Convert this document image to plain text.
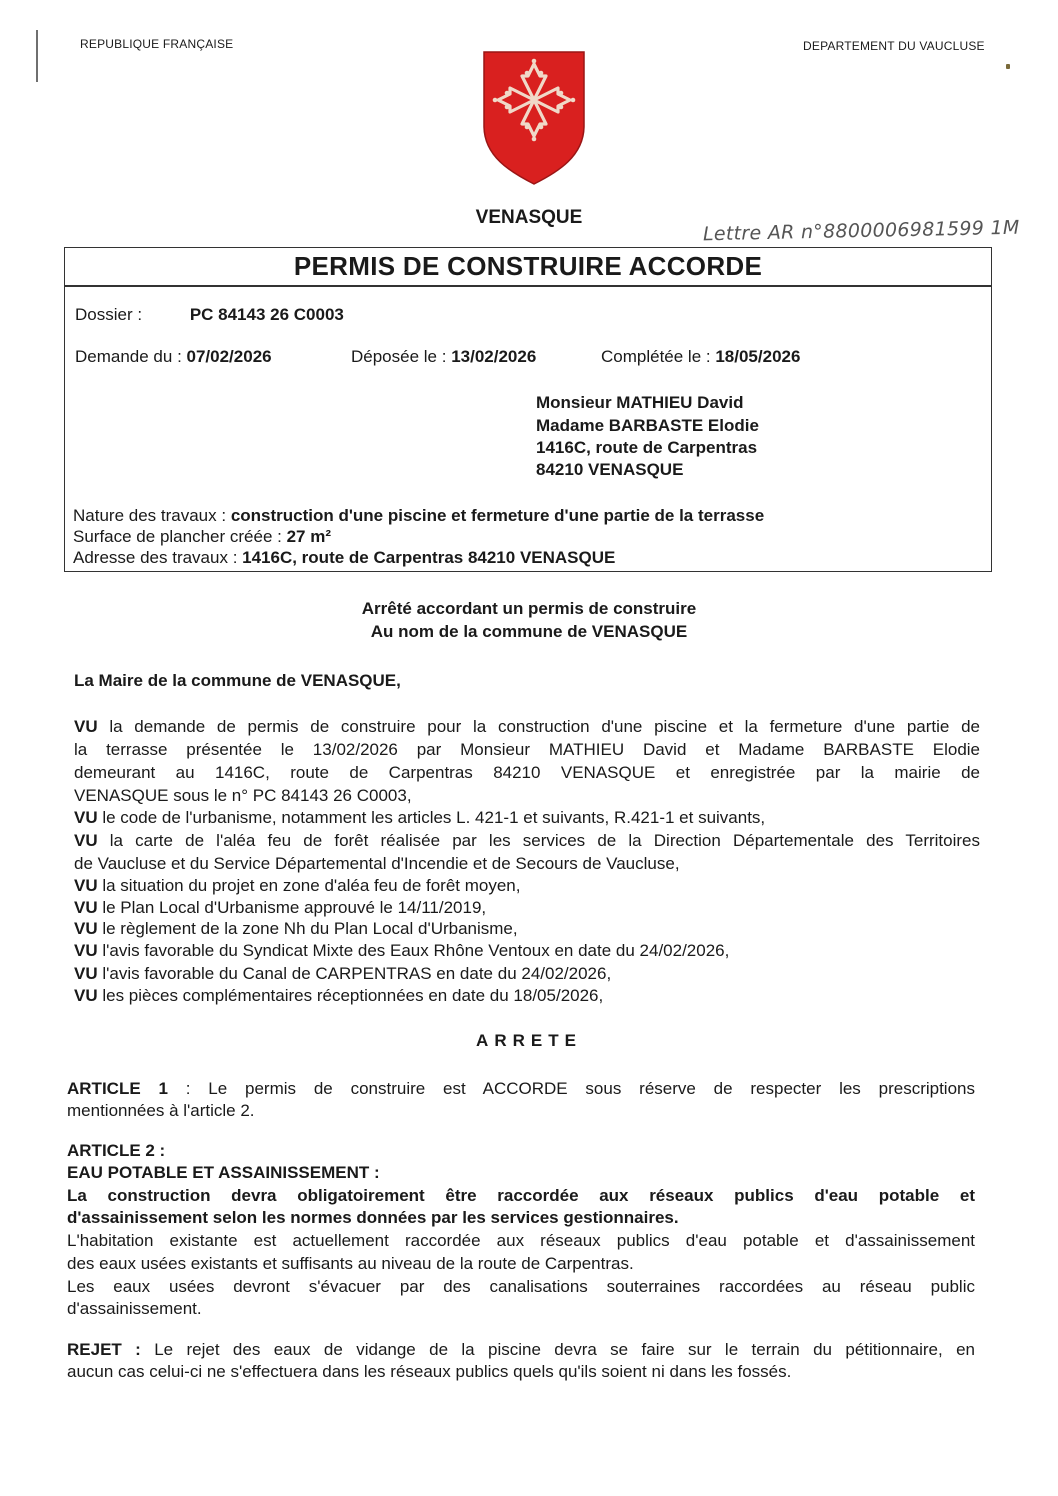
REPUBLIQUE FRANÇAISE	DEPARTEMENT DU VAUCLUSE
VENASQUE	Lettre AR n°8800006981599 1M
PERMIS DE CONSTRUIRE ACCORDE
Dossier :	PC 84143 26 C0003
Demande du : 07/02/2026	Déposée le : 13/02/2026	Complétée le : 18/05/2026
Monsieur MATHIEU David
Madame BARBASTE Elodie
1416C, route de Carpentras
84210 VENASQUE
Nature des travaux : construction d'une piscine et fermeture d'une partie de la terrasse
Surface de plancher créée : 27 m²
Adresse des travaux : 1416C, route de Carpentras 84210 VENASQUE
Arrêté accordant un permis de construire
Au nom de la commune de VENASQUE
La Maire de la commune de VENASQUE,
VU la demande de permis de construire pour la construction d'une piscine et la fermeture d'une partie de
la terrasse présentée le 13/02/2026 par Monsieur MATHIEU David et Madame BARBASTE Elodie
demeurant au 1416C, route de Carpentras 84210 VENASQUE et enregistrée par la mairie de
VENASQUE sous le n° PC 84143 26 C0003,
VU le code de l'urbanisme, notamment les articles L. 421-1 et suivants, R.421-1 et suivants,
VU la carte de l'aléa feu de forêt réalisée par les services de la Direction Départementale des Territoires
de Vaucluse et du Service Départemental d'Incendie et de Secours de Vaucluse,
VU la situation du projet en zone d'aléa feu de forêt moyen,
VU le Plan Local d'Urbanisme approuvé le 14/11/2019,
VU le règlement de la zone Nh du Plan Local d'Urbanisme,
VU l'avis favorable du Syndicat Mixte des Eaux Rhône Ventoux en date du 24/02/2026,
VU l'avis favorable du Canal de CARPENTRAS en date du 24/02/2026,
VU les pièces complémentaires réceptionnées en date du 18/05/2026,
ARRETE
ARTICLE 1 : Le permis de construire est ACCORDE sous réserve de respecter les prescriptions
mentionnées à l'article 2.
ARTICLE 2 :
EAU POTABLE ET ASSAINISSEMENT :
La construction devra obligatoirement être raccordée aux réseaux publics d'eau potable et
d'assainissement selon les normes données par les services gestionnaires.
L'habitation existante est actuellement raccordée aux réseaux publics d'eau potable et d'assainissement
des eaux usées existants et suffisants au niveau de la route de Carpentras.
Les eaux usées devront s'évacuer par des canalisations souterraines raccordées au réseau public
d'assainissement.
REJET : Le rejet des eaux de vidange de la piscine devra se faire sur le terrain du pétitionnaire, en
aucun cas celui-ci ne s'effectuera dans les réseaux publics quels qu'ils soient ni dans les fossés.
